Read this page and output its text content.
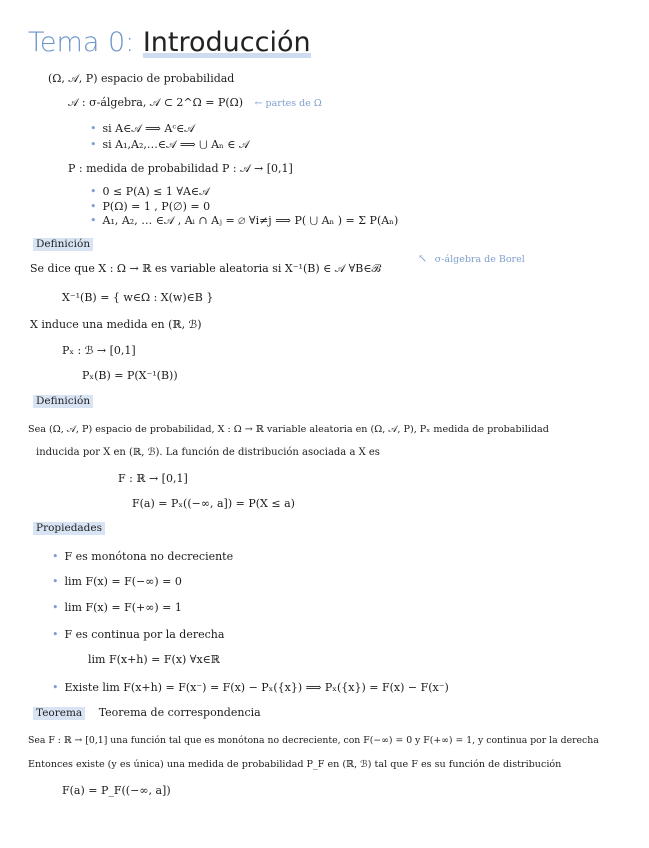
Tema 0: Introducción
(Ω, 𝒜, P) espacio de probabilidad
𝒜 : σ-álgebra, 𝒜 ⊂ 2^Ω = P(Ω) ← partes de Ω
• si A∈𝒜 ⟹ Aᶜ∈𝒜
• si A₁,A₂,…∈𝒜 ⟹ ⋃ Aₙ ∈ 𝒜
P : medida de probabilidad P : 𝒜 → [0,1]
• 0 ≤ P(A) ≤ 1 ∀A∈𝒜
• P(Ω) = 1 , P(∅) = 0
• A₁, A₂, … ∈𝒜 , Aᵢ ∩ Aⱼ = ∅ ∀i≠j ⟹ P( ⋃ Aₙ ) = Σ P(Aₙ)
Definición
Se dice que X : Ω → ℝ es variable aleatoria si X⁻¹(B) ∈ 𝒜 ∀B∈ℬ
↖ σ-álgebra de Borel
X⁻¹(B) = { w∈Ω : X(w)∈B }
X induce una medida en (ℝ, ℬ)
Pₓ : ℬ → [0,1]
Pₓ(B) = P(X⁻¹(B))
Definición
Sea (Ω, 𝒜, P) espacio de probabilidad, X : Ω → ℝ variable aleatoria en (Ω, 𝒜, P), Pₓ medida de probabilidad
inducida por X en (ℝ, ℬ). La función de distribución asociada a X es
F : ℝ → [0,1]
F(a) = Pₓ((−∞, a]) = P(X ≤ a)
Propiedades
• F es monótona no decreciente
• lim F(x) = F(−∞) = 0
• lim F(x) = F(+∞) = 1
• F es continua por la derecha
lim F(x+h) = F(x) ∀x∈ℝ
• Existe lim F(x+h) = F(x⁻) = F(x) − Pₓ({x}) ⟹ Pₓ({x}) = F(x) − F(x⁻)
Teorema Teorema de correspondencia
Sea F : ℝ → [0,1] una función tal que es monótona no decreciente, con F(−∞) = 0 y F(+∞) = 1, y continua por la derecha
Entonces existe (y es única) una medida de probabilidad P_F en (ℝ, ℬ) tal que F es su función de distribución
F(a) = P_F((−∞, a])
